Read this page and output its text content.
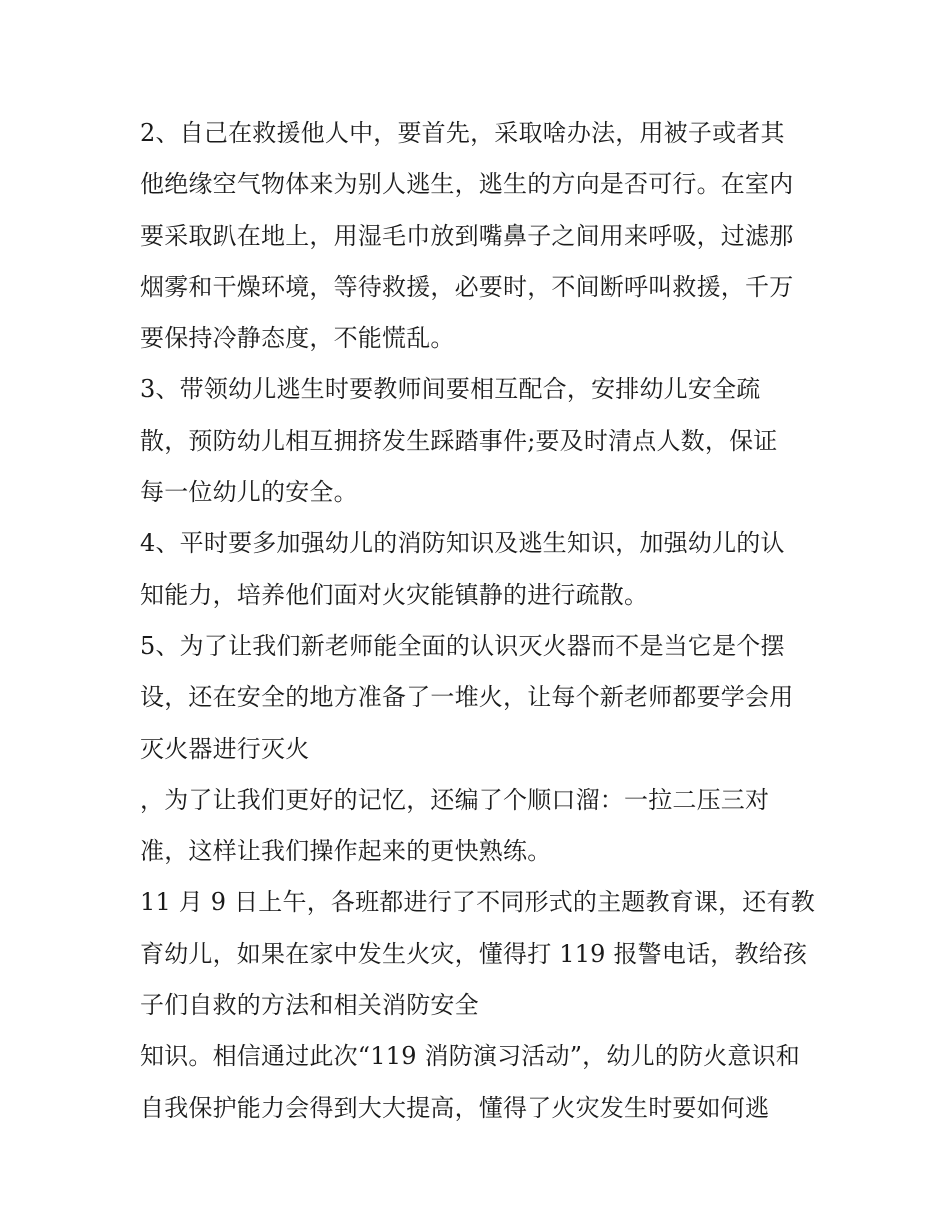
2、自己在救援他人中，要首先，采取啥办法，用被子或者其
他绝缘空气物体来为别人逃生，逃生的方向是否可行。在室内
要采取趴在地上，用湿毛巾放到嘴鼻子之间用来呼吸，过滤那
烟雾和干燥环境，等待救援，必要时，不间断呼叫救援，千万
要保持冷静态度，不能慌乱。
3、带领幼儿逃生时要教师间要相互配合，安排幼儿安全疏
散，预防幼儿相互拥挤发生踩踏事件;要及时清点人数，保证
每一位幼儿的安全。
4、平时要多加强幼儿的消防知识及逃生知识，加强幼儿的认
知能力，培养他们面对火灾能镇静的进行疏散。
5、为了让我们新老师能全面的认识灭火器而不是当它是个摆
设，还在安全的地方准备了一堆火，让每个新老师都要学会用
灭火器进行灭火
，为了让我们更好的记忆，还编了个顺口溜：一拉二压三对
准，这样让我们操作起来的更快熟练。
11 月 9 日上午，各班都进行了不同形式的主题教育课，还有教
育幼儿，如果在家中发生火灾，懂得打 119 报警电话，教给孩
子们自救的方法和相关消防安全
知识。相信通过此次“119 消防演习活动”，幼儿的防火意识和
自我保护能力会得到大大提高，懂得了火灾发生时要如何逃
